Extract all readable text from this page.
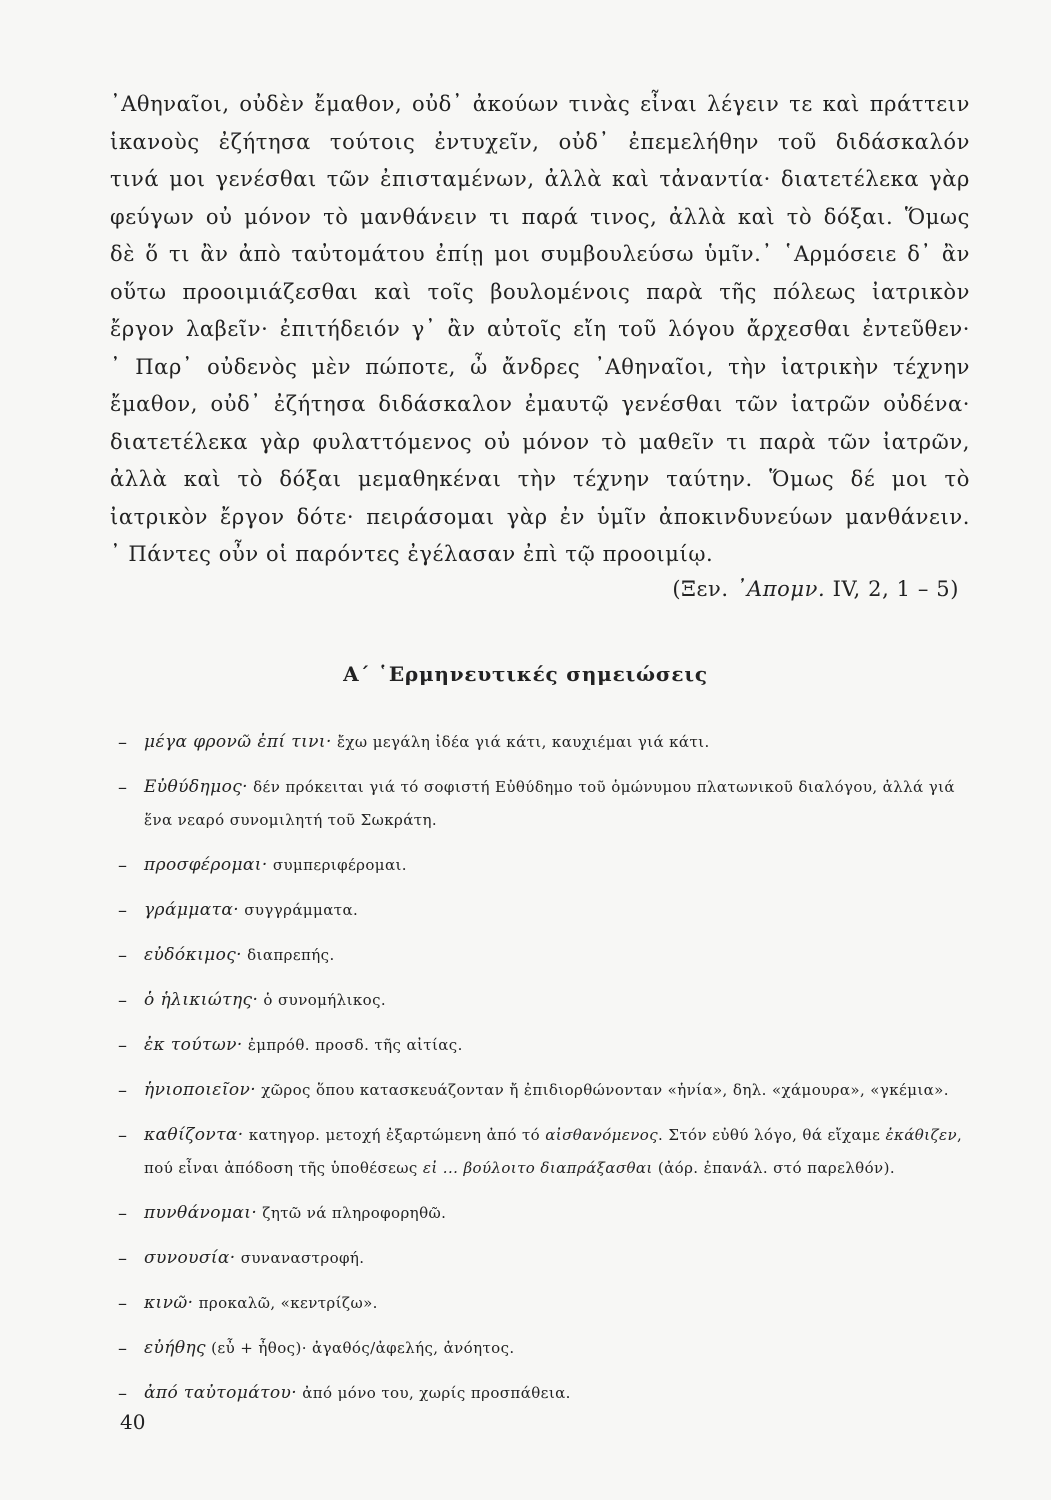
᾿Αθηναῖοι, οὐδὲν ἔμαθον, οὐδ᾿ ἀκούων τινὰς εἶναι λέγειν τε καὶ πράττειν
ἱκανοὺς ἐζήτησα τούτοις ἐντυχεῖν, οὐδ᾿ ἐπεμελήθην τοῦ διδάσκαλόν
τινά μοι γενέσθαι τῶν ἐπισταμένων, ἀλλὰ καὶ τἀναντία· διατετέλεκα γὰρ
φεύγων οὐ μόνον τὸ μανθάνειν τι παρά τινος, ἀλλὰ καὶ τὸ δόξαι. Ὅμως
δὲ ὅ τι ἂν ἀπὸ ταὐτομάτου ἐπίῃ μοι συμβουλεύσω ὑμῖν.᾿ ῾Αρμόσειε δ᾿ ἂν
οὕτω προοιμιάζεσθαι καὶ τοῖς βουλομένοις παρὰ τῆς πόλεως ἰατρικὸν
ἔργον λαβεῖν· ἐπιτήδειόν γ᾿ ἂν αὐτοῖς εἴη τοῦ λόγου ἄρχεσθαι ἐντεῦθεν·
᾿ Παρ᾿ οὐδενὸς μὲν πώποτε, ὦ ἄνδρες ᾿Αθηναῖοι, τὴν ἰατρικὴν τέχνην
ἔμαθον, οὐδ᾿ ἐζήτησα διδάσκαλον ἐμαυτῷ γενέσθαι τῶν ἰατρῶν οὐδένα·
διατετέλεκα γὰρ φυλαττόμενος οὐ μόνον τὸ μαθεῖν τι παρὰ τῶν ἰατρῶν,
ἀλλὰ καὶ τὸ δόξαι μεμαθηκέναι τὴν τέχνην ταύτην. Ὅμως δέ μοι τὸ
ἰατρικὸν ἔργον δότε· πειράσομαι γὰρ ἐν ὑμῖν ἀποκινδυνεύων μανθάνειν.
᾿ Πάντες οὖν οἱ παρόντες ἐγέλασαν ἐπὶ τῷ προοιμίῳ.
(Ξεν. ᾿Απομν. IV, 2, 1 – 5)
Α΄ ῾Ερμηνευτικές σημειώσεις
– μέγα φρονῶ ἐπί τινι· ἔχω μεγάλη ἰδέα γιά κάτι, καυχιέμαι γιά κάτι.
– Εὐθύδημος· δέν πρόκειται γιά τό σοφιστή Εὐθύδημο τοῦ ὁμώνυμου πλατωνικοῦ διαλόγου, ἀλλά γιά ἕνα νεαρό συνομιλητή τοῦ Σωκράτη.
– προσφέρομαι· συμπεριφέρομαι.
– γράμματα· συγγράμματα.
– εὐδόκιμος· διαπρεπής.
– ὁ ἡλικιώτης· ὁ συνομήλικος.
– ἐκ τούτων· ἐμπρόθ. προσδ. τῆς αἰτίας.
– ἡνιοποιεῖον· χῶρος ὅπου κατασκευάζονταν ἤ ἐπιδιορθώνονταν «ἡνία», δηλ. «χάμουρα», «γκέμια».
– καθίζοντα· κατηγορ. μετοχή ἐξαρτώμενη ἀπό τό αἰσθανόμενος. Στόν εὐθύ λόγο, θά εἴχαμε ἐκάθιζεν, πού εἶναι ἀπόδοση τῆς ὑποθέσεως εἰ ... βούλοιτο διαπράξασθαι (ἀόρ. ἐπανάλ. στό παρελθόν).
– πυνθάνομαι· ζητῶ νά πληροφορηθῶ.
– συνουσία· συναναστροφή.
– κινῶ· προκαλῶ, «κεντρίζω».
– εὐήθης (εὖ + ἦθος)· ἀγαθός/ἀφελής, ἀνόητος.
– ἀπό ταὐτομάτου· ἀπό μόνο του, χωρίς προσπάθεια.
40
